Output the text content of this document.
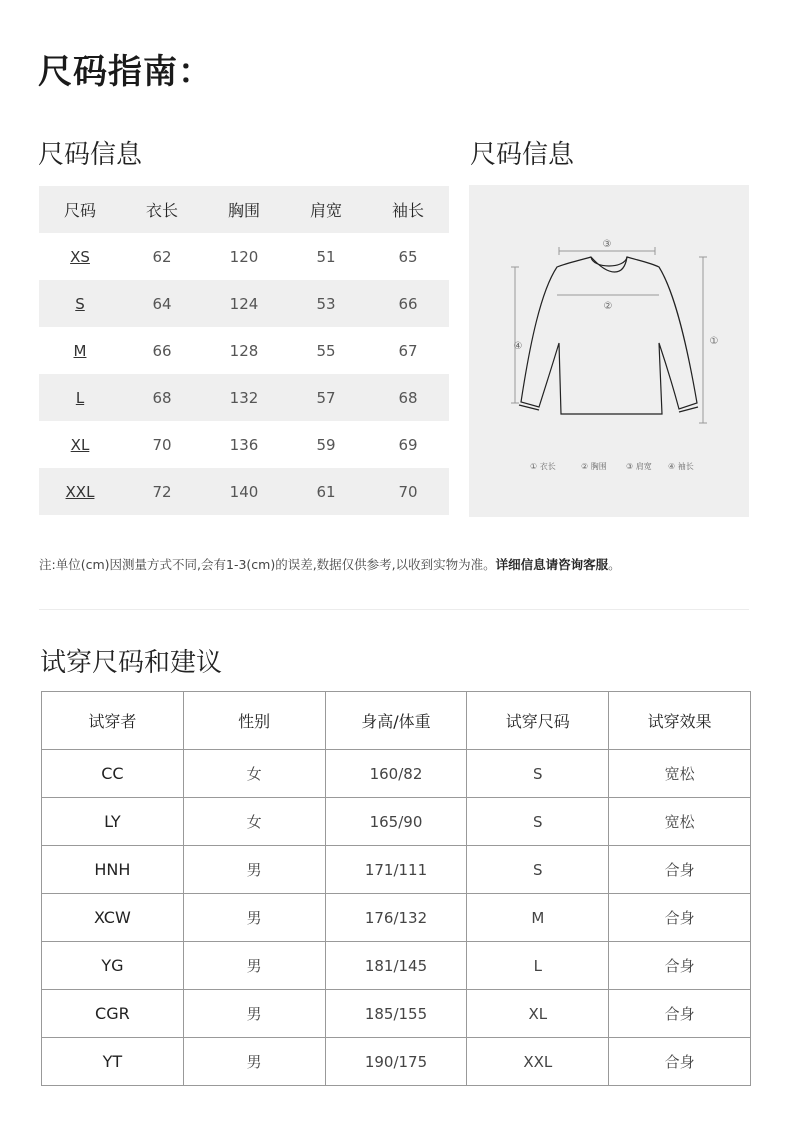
尺码指南：
尺码信息	尺码信息
尺码	衣长	胸围	肩宽	袖长
XS	62	120	51	65
S	64	124	53	66
M	66	128	55	67
L	68	132	57	68
XL	70	136	59	69
XXL	72	140	61	70
③
②
④	①
① 衣长	② 胸围 ③ 肩宽 ④ 袖长
注:单位(cm)因测量方式不同,会有1-3(cm)的误差,数据仅供参考,以收到实物为准。详细信息请咨询客服。
试穿尺码和建议
试穿者	性别	身高/体重	试穿尺码	试穿效果
CC	女	160/82	S	宽松
LY	女	165/90	S	宽松
HNH	男	171/111	S	合身
XCW	男	176/132	M	合身
YG	男	181/145	L	合身
CGR	男	185/155	XL	合身
YT	男	190/175	XXL	合身
